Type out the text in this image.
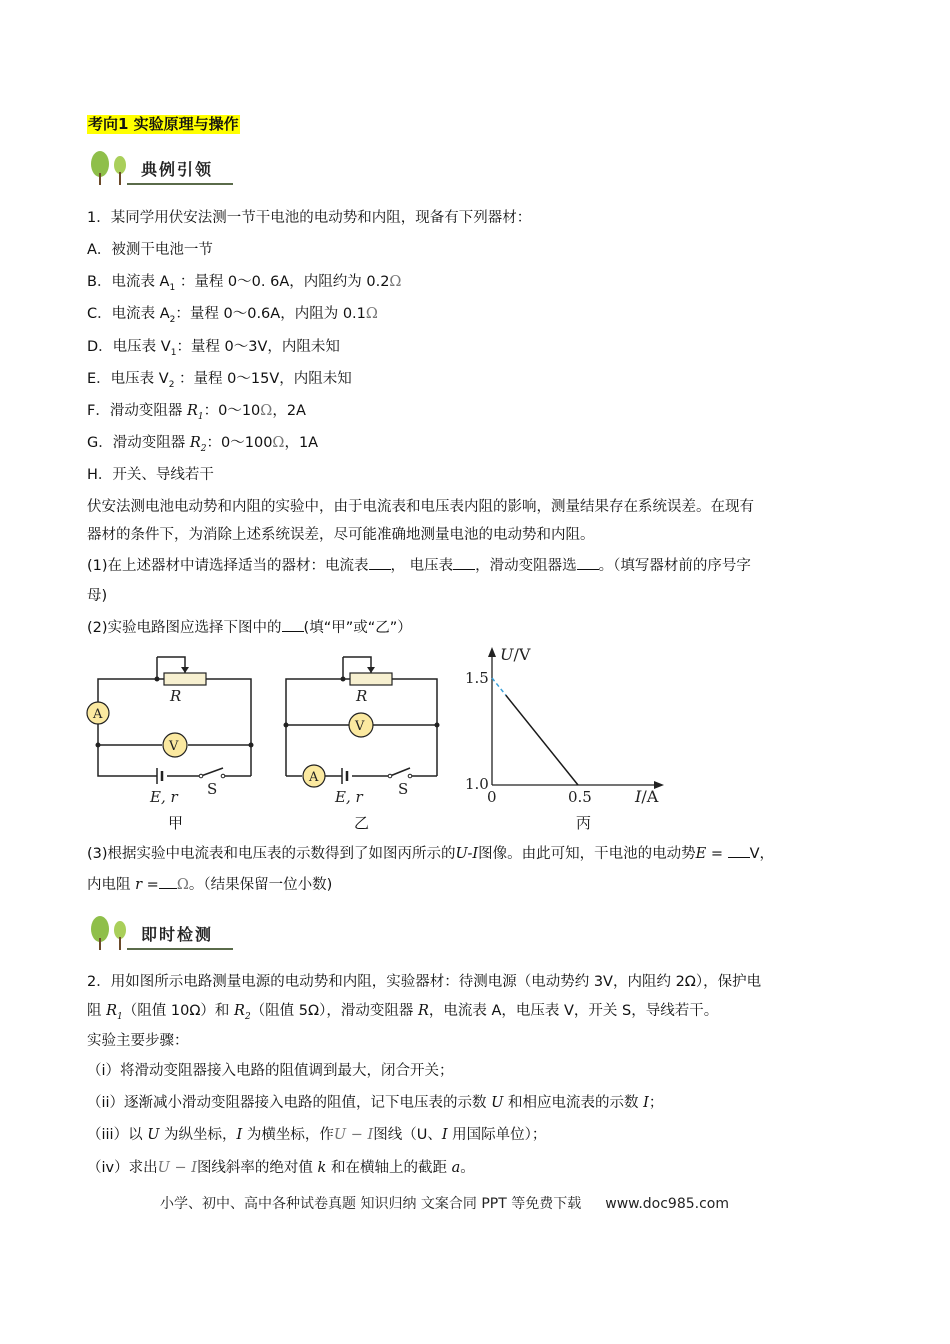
考向1 实验原理与操作
典例引领
1．某同学用伏安法测一节干电池的电动势和内阻，现备有下列器材：
A．被测干电池一节
B．电流表 $A_1$ ：量程 0～0. 6A，内阻约为 0.2Ω
C．电流表 $A_2$：量程 0～0.6A，内阻为 0.1Ω
D．电压表 $V_1$：量程 0～3V，内阻未知
E．电压表 $V_2$ ：量程 0～15V，内阻未知
F．滑动变阻器 $R_1$：0～10Ω，2A
G．滑动变阻器 $R_2$：0～100Ω，1A
H．开关、导线若干
伏安法测电池电动势和内阻的实验中，由于电流表和电压表内阻的影响，测量结果存在系统误差。在现有
器材的条件下，为消除上述系统误差，尽可能准确地测量电池的电动势和内阻。
(1)在上述器材中请选择适当的器材：电流表 ， 电压表 ，滑动变阻器选 。（填写器材前的序号字
母)
(2)实验电路图应选择下图中的 (填“甲”或“乙”）
R
A
V
E, r S
R
V
A
E, r S
U/V
I/A
1.5
1.0
0	0.5
甲	乙	丙
(3)根据实验中电流表和电压表的示数得到了如图丙所示的U-I图像。由此可知，干电池的电动势E = V，
内电阻 r = Ω。（结果保留一位小数)
即时检测
2．用如图所示电路测量电源的电动势和内阻，实验器材：待测电源（电动势约 3V，内阻约 2Ω），保护电
阻 $R_1$（阻值 10Ω）和 $R_2$（阻值 5Ω），滑动变阻器 R，电流表 A，电压表 V，开关 S，导线若干。
实验主要步骤：
（i）将滑动变阻器接入电路的阻值调到最大，闭合开关；
（ii）逐渐减小滑动变阻器接入电路的阻值，记下电压表的示数 U 和相应电流表的示数 I；
（iii）以 U 为纵坐标，I 为横坐标，作U − I图线（U、I 用国际单位）；
（iv）求出U − I图线斜率的绝对值 k 和在横轴上的截距 a。
小学、初中、高中各种试卷真题 知识归纳 文案合同 PPT 等免费下载 www.doc985.com
